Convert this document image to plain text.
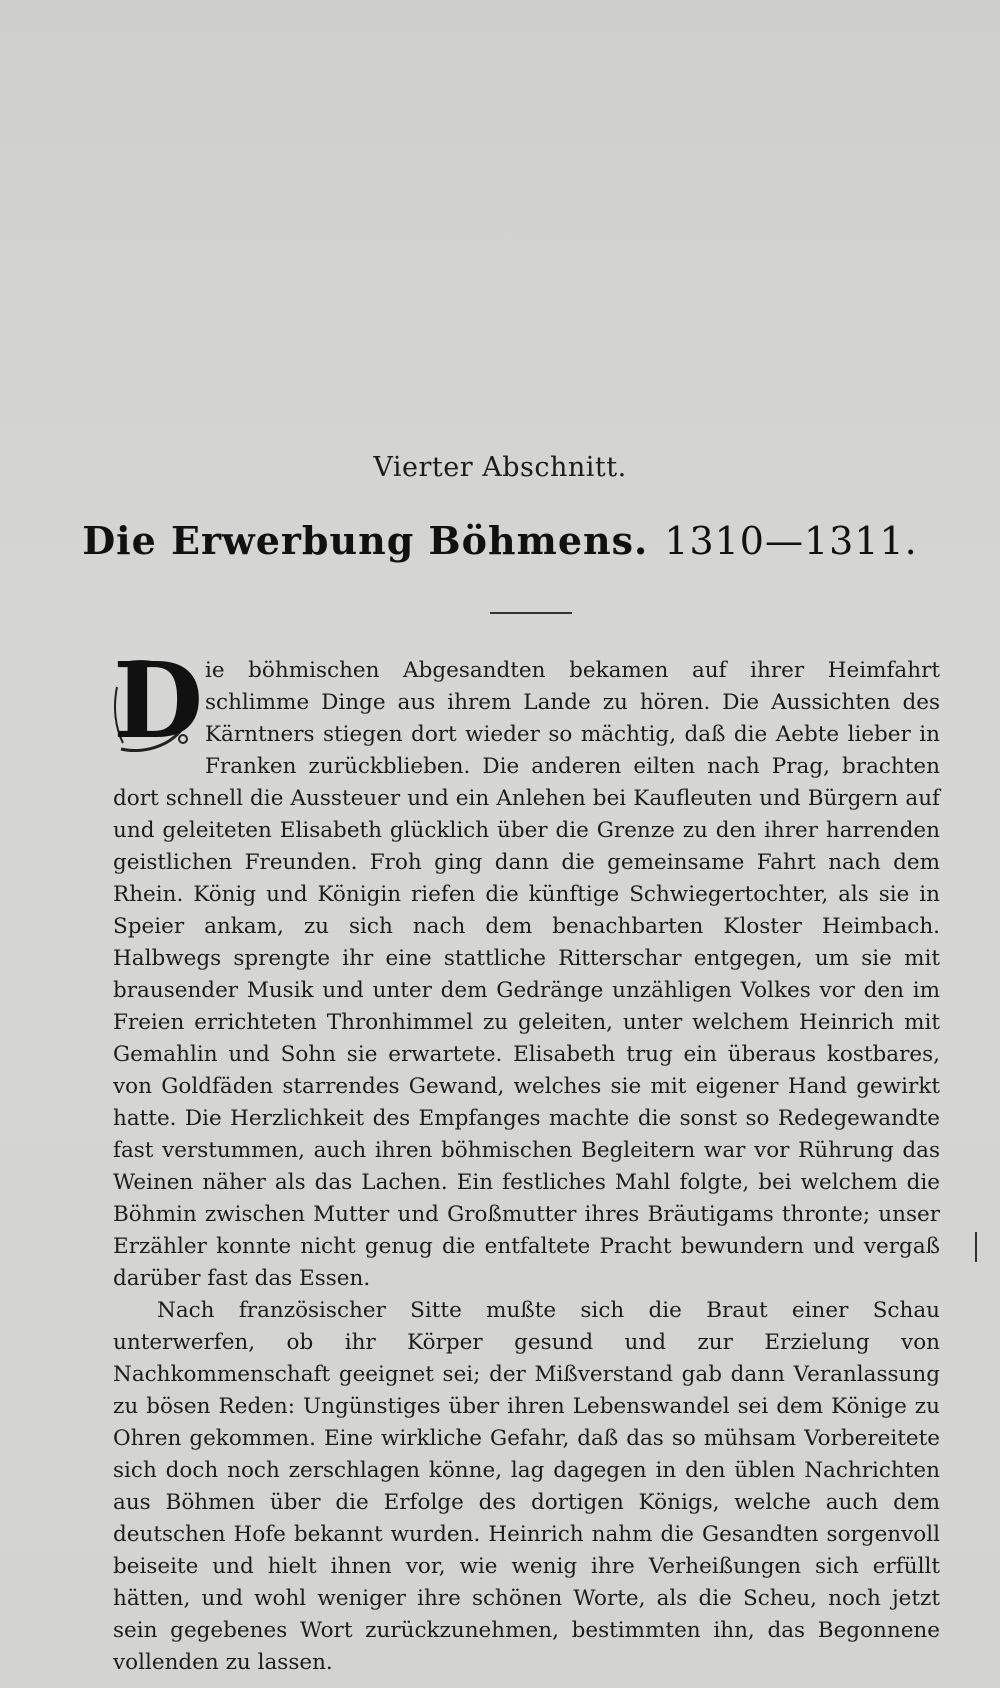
Vierter Abschnitt.
Die Erwerbung Böhmens. 1310—1311.

D ie böhmischen Abgesandten bekamen auf ihrer Heimfahrt schlimme Dinge aus ihrem Lande zu hören. Die Aussichten des Kärntners stiegen dort wieder so mächtig, daß die Aebte lieber in Franken zurückblieben. Die anderen eilten nach Prag, brachten dort schnell die Aussteuer und ein Anlehen bei Kaufleuten und Bürgern auf und geleiteten Elisabeth glücklich über die Grenze zu den ihrer harrenden geistlichen Freunden. Froh ging dann die gemeinsame Fahrt nach dem Rhein. König und Königin riefen die künftige Schwiegertochter, als sie in Speier ankam, zu sich nach dem benachbarten Kloster Heimbach. Halbwegs sprengte ihr eine stattliche Ritterschar entgegen, um sie mit brausender Musik und unter dem Gedränge unzähligen Volkes vor den im Freien errichteten Thronhimmel zu geleiten, unter welchem Heinrich mit Gemahlin und Sohn sie erwartete. Elisabeth trug ein überaus kostbares, von Goldfäden starrendes Gewand, welches sie mit eigener Hand gewirkt hatte. Die Herzlichkeit des Empfanges machte die sonst so Redegewandte fast verstummen, auch ihren böhmischen Begleitern war vor Rührung das Weinen näher als das Lachen. Ein festliches Mahl folgte, bei welchem die Böhmin zwischen Mutter und Großmutter ihres Bräutigams thronte; unser Erzähler konnte nicht genug die entfaltete Pracht bewundern und vergaß darüber fast das Essen.

Nach französischer Sitte mußte sich die Braut einer Schau unterwerfen, ob ihr Körper gesund und zur Erzielung von Nachkommenschaft geeignet sei; der Mißverstand gab dann Veranlassung zu bösen Reden: Ungünstiges über ihren Lebenswandel sei dem Könige zu Ohren gekommen. Eine wirkliche Gefahr, daß das so mühsam Vorbereitete sich doch noch zerschlagen könne, lag dagegen in den üblen Nachrichten aus Böhmen über die Erfolge des dortigen Königs, welche auch dem deutschen Hofe bekannt wurden. Heinrich nahm die Gesandten sorgenvoll beiseite und hielt ihnen vor, wie wenig ihre Verheißungen sich erfüllt hätten, und wohl weniger ihre schönen Worte, als die Scheu, noch jetzt sein gegebenes Wort zurückzunehmen, bestimmten ihn, das Begonnene vollenden zu lassen.
